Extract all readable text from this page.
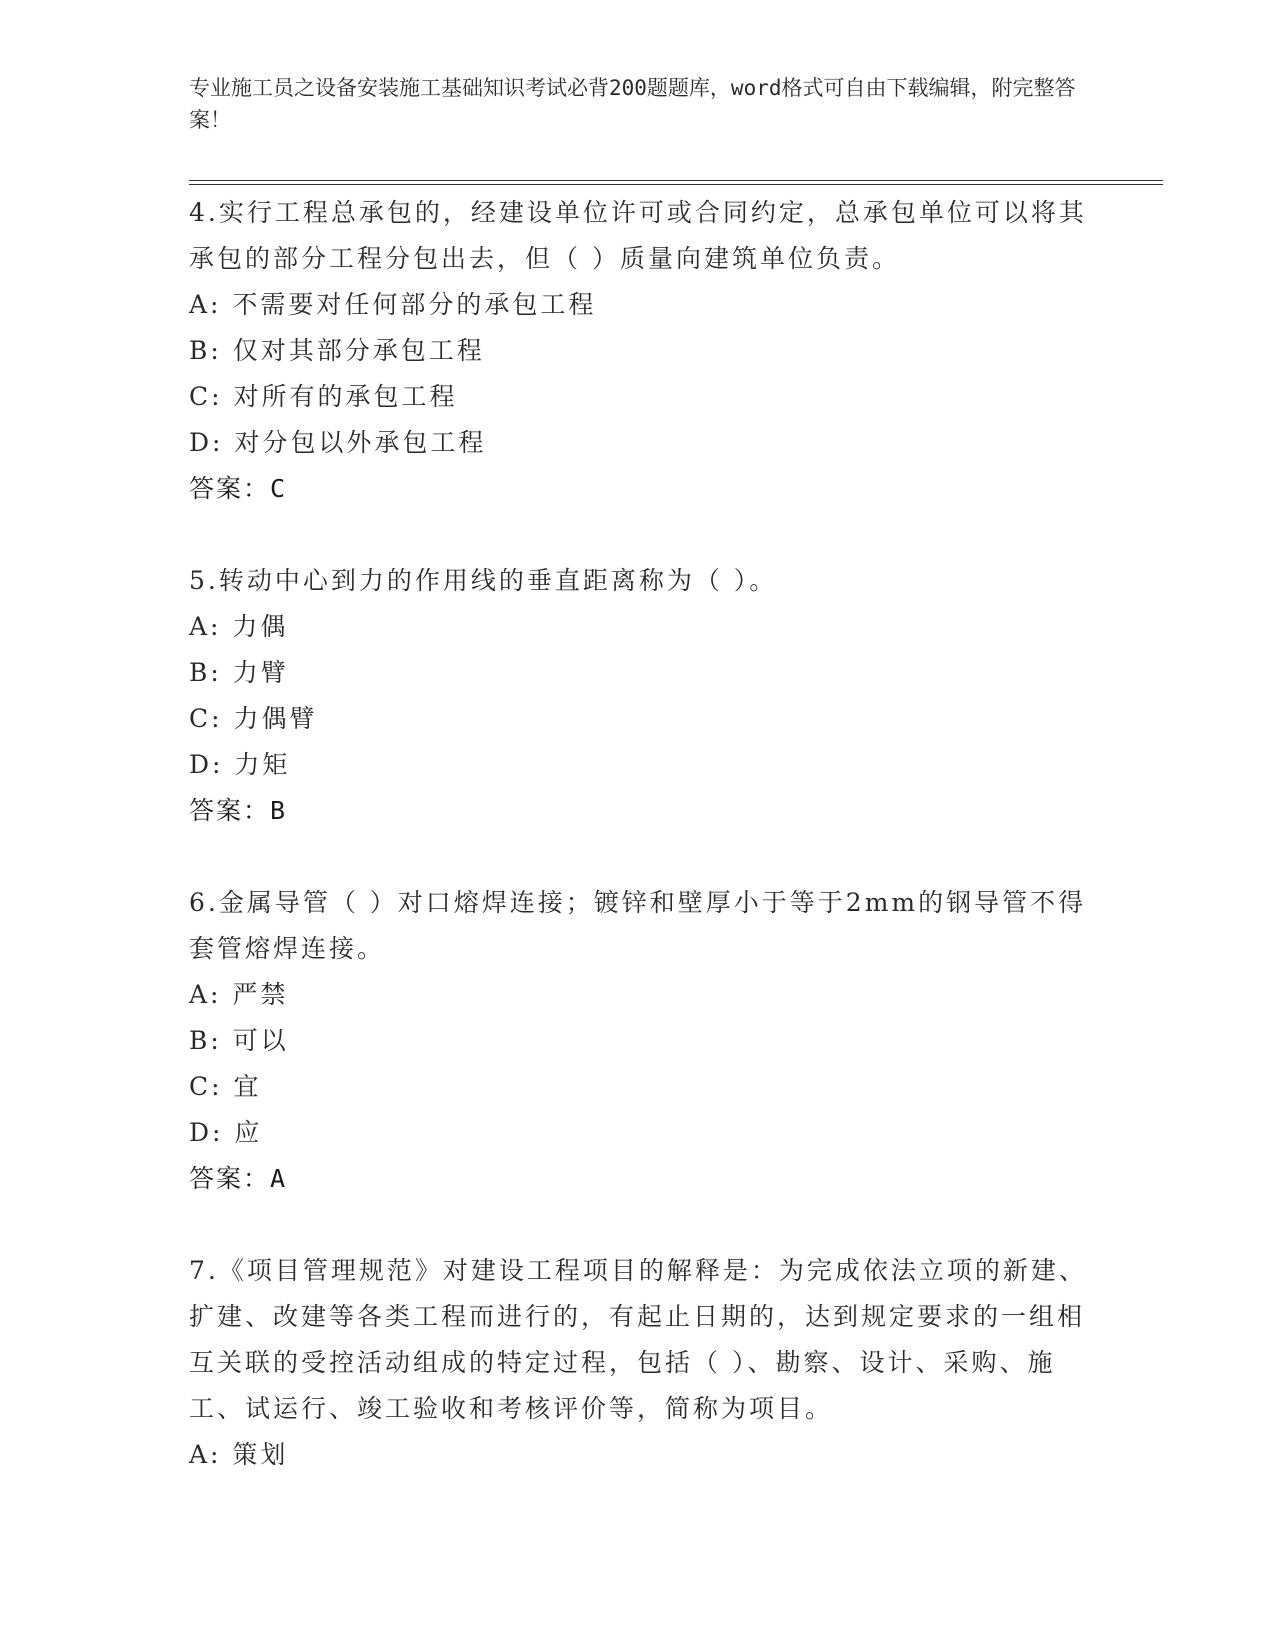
专业施工员之设备安装施工基础知识考试必背200题题库，word格式可自由下载编辑，附完整答案！
4.实行工程总承包的，经建设单位许可或合同约定，总承包单位可以将其承包的部分工程分包出去，但（ ）质量向建筑单位负责。
A: 不需要对任何部分的承包工程
B: 仅对其部分承包工程
C: 对所有的承包工程
D: 对分包以外承包工程
答案：C
5.转动中心到力的作用线的垂直距离称为（ ）。
A: 力偶
B: 力臂
C: 力偶臂
D: 力矩
答案：B
6.金属导管（ ）对口熔焊连接；镀锌和壁厚小于等于2mm的钢导管不得套管熔焊连接。
A: 严禁
B: 可以
C: 宜
D: 应
答案：A
7.《项目管理规范》对建设工程项目的解释是：为完成依法立项的新建、扩建、改建等各类工程而进行的，有起止日期的，达到规定要求的一组相互关联的受控活动组成的特定过程，包括（ ）、勘察、设计、采购、施工、试运行、竣工验收和考核评价等，简称为项目。
A: 策划
